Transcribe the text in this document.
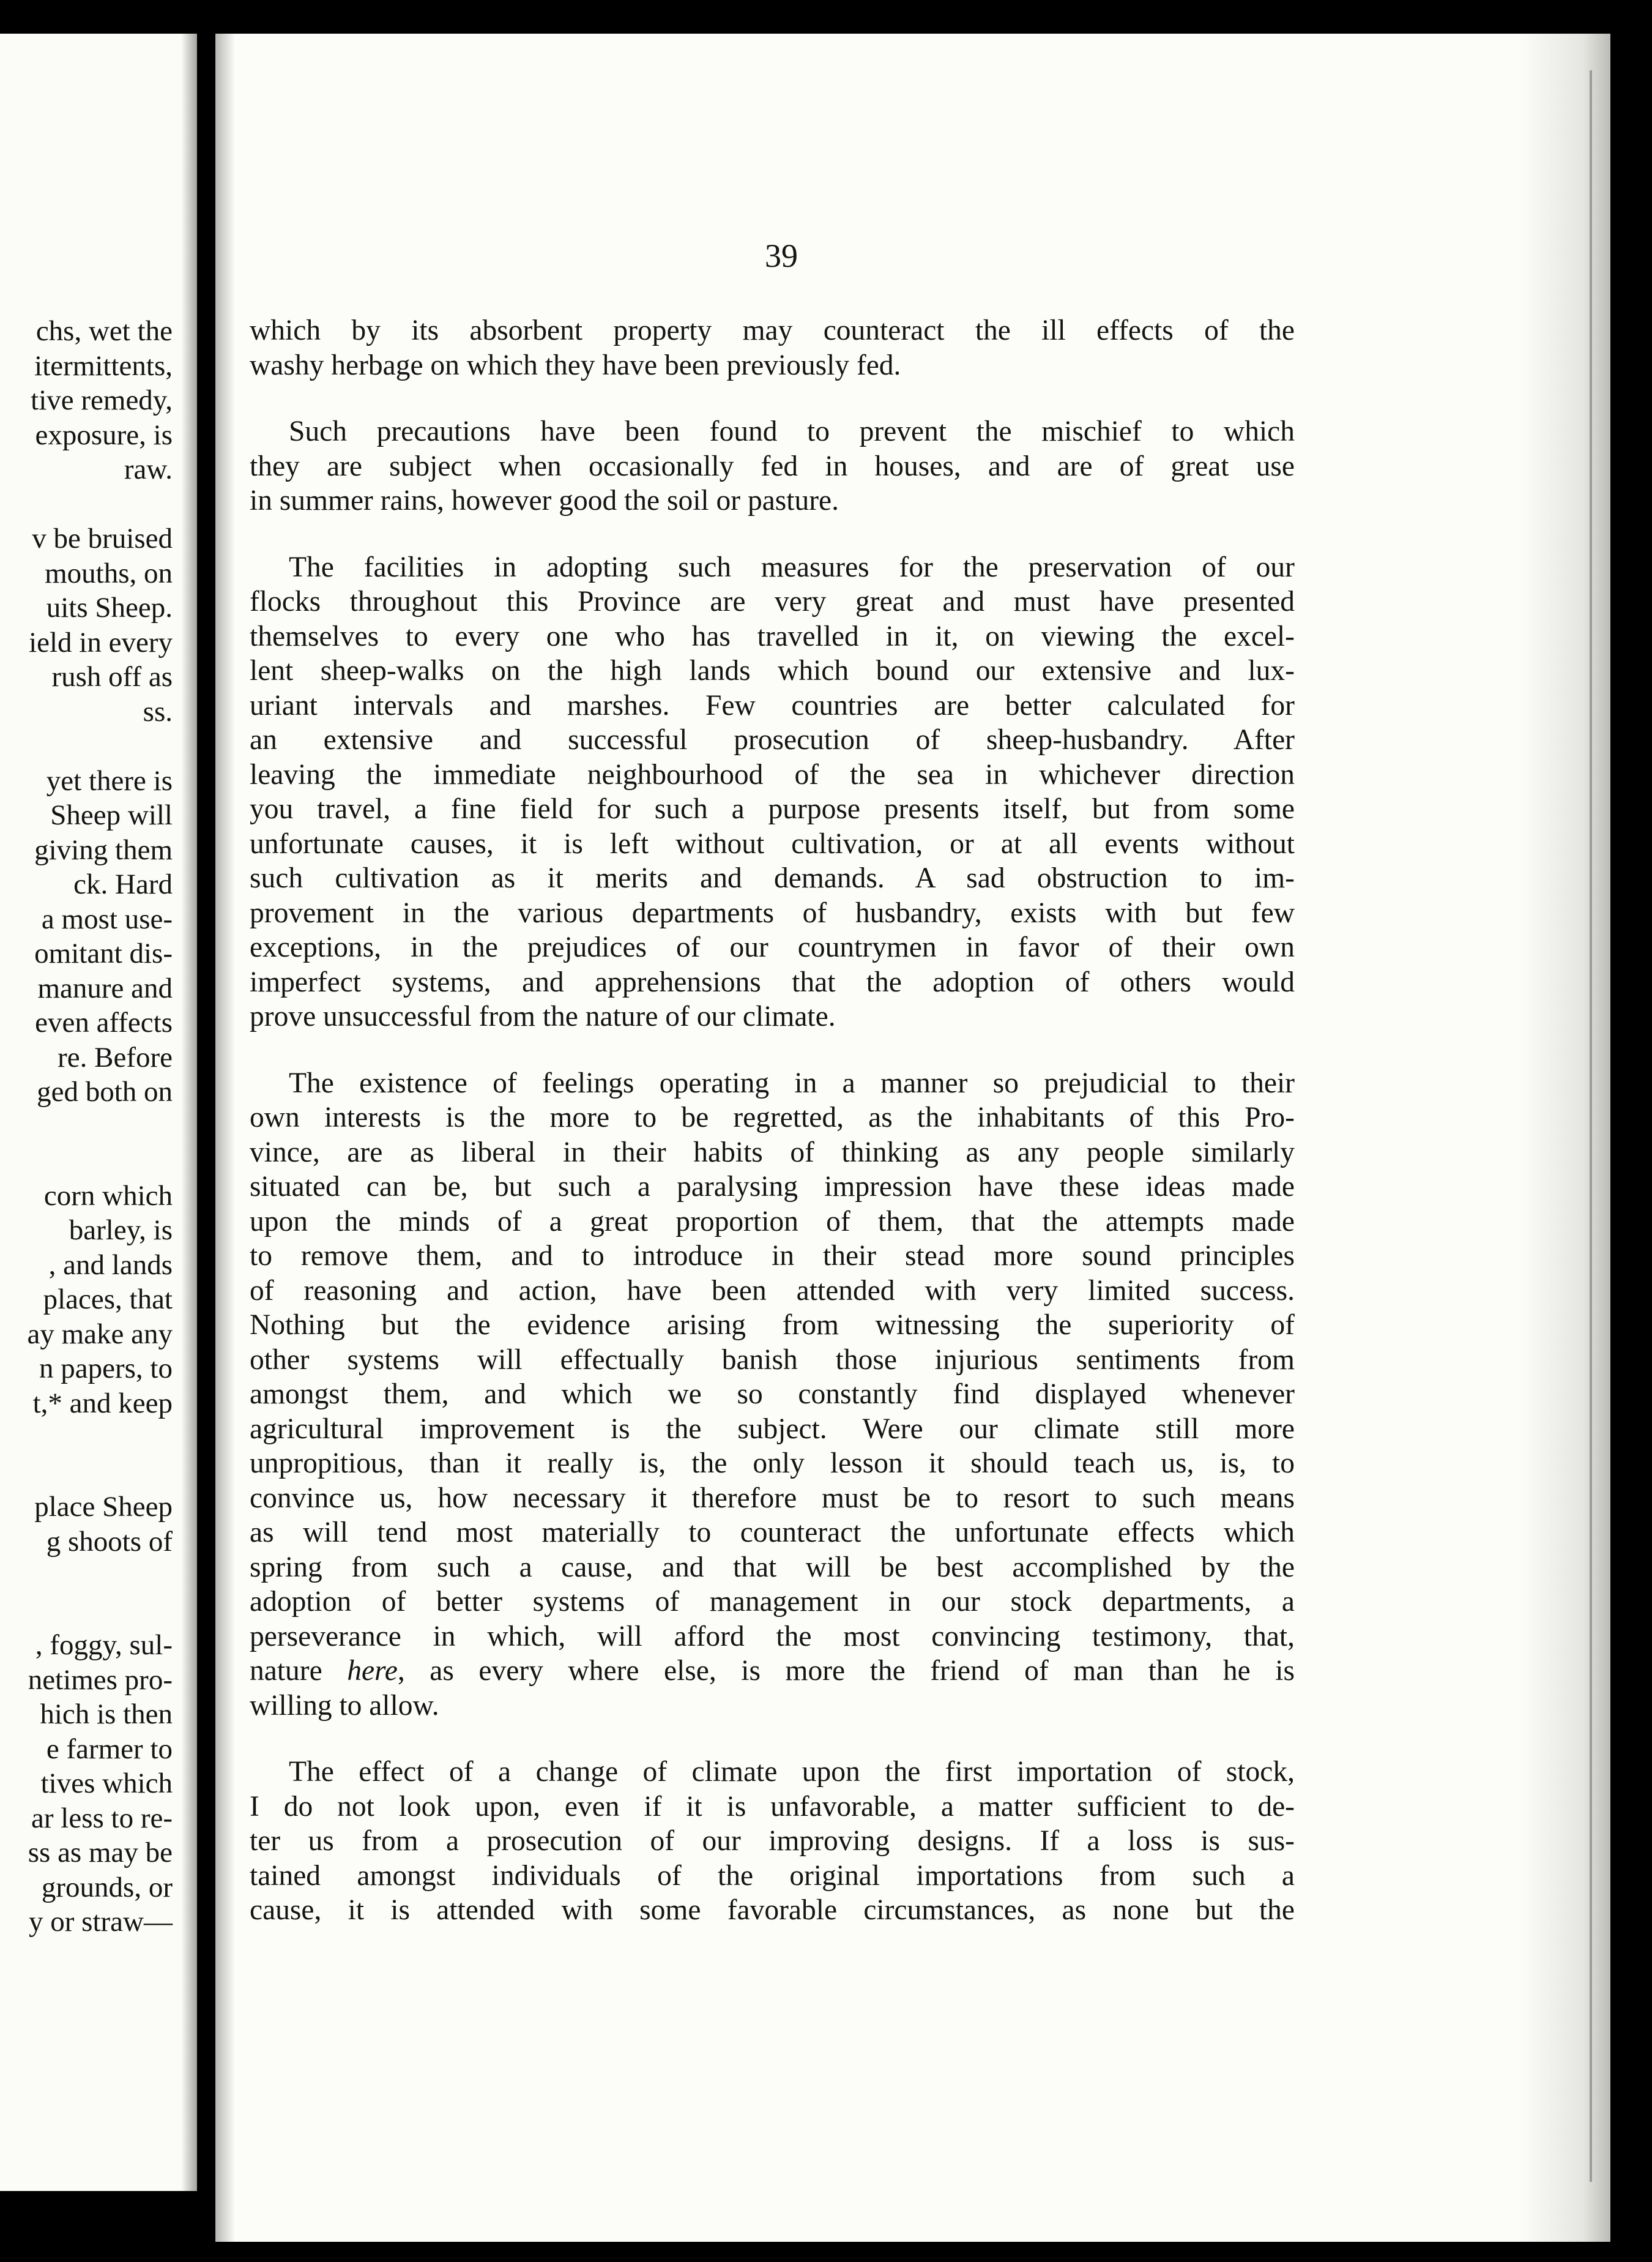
chs, wet the
itermittents,
tive remedy,
exposure, is
raw.
v be bruised
mouths, on
uits Sheep.
ield in every
rush off as
ss.
yet there is
Sheep will
giving them
ck. Hard
a most use-
omitant dis-
manure and
even affects
re. Before
ged both on
corn which
barley, is
, and lands
places, that
ay make any
n papers, to
t,* and keep
place Sheep
g shoots of
, foggy, sul-
netimes pro-
hich is then
e farmer to
tives which
ar less to re-
ss as may be
grounds, or
y or straw—
39

which by its absorbent property may counteract the ill effects of the
washy herbage on which they have been previously fed.

Such precautions have been found to prevent the mischief to which
they are subject when occasionally fed in houses, and are of great use
in summer rains, however good the soil or pasture.

The facilities in adopting such measures for the preservation of our
flocks throughout this Province are very great and must have presented
themselves to every one who has travelled in it, on viewing the excel-
lent sheep-walks on the high lands which bound our extensive and lux-
uriant intervals and marshes. Few countries are better calculated for
an extensive and successful prosecution of sheep-husbandry. After
leaving the immediate neighbourhood of the sea in whichever direction
you travel, a fine field for such a purpose presents itself, but from some
unfortunate causes, it is left without cultivation, or at all events without
such cultivation as it merits and demands. A sad obstruction to im-
provement in the various departments of husbandry, exists with but few
exceptions, in the prejudices of our countrymen in favor of their own
imperfect systems, and apprehensions that the adoption of others would
prove unsuccessful from the nature of our climate.

The existence of feelings operating in a manner so prejudicial to their
own interests is the more to be regretted, as the inhabitants of this Pro-
vince, are as liberal in their habits of thinking as any people similarly
situated can be, but such a paralysing impression have these ideas made
upon the minds of a great proportion of them, that the attempts made
to remove them, and to introduce in their stead more sound principles
of reasoning and action, have been attended with very limited success.
Nothing but the evidence arising from witnessing the superiority of
other systems will effectually banish those injurious sentiments from
amongst them, and which we so constantly find displayed whenever
agricultural improvement is the subject. Were our climate still more
unpropitious, than it really is, the only lesson it should teach us, is, to
convince us, how necessary it therefore must be to resort to such means
as will tend most materially to counteract the unfortunate effects which
spring from such a cause, and that will be best accomplished by the
adoption of better systems of management in our stock departments, a
perseverance in which, will afford the most convincing testimony, that,
nature here, as every where else, is more the friend of man than he is
willing to allow.

The effect of a change of climate upon the first importation of stock,
I do not look upon, even if it is unfavorable, a matter sufficient to de-
ter us from a prosecution of our improving designs. If a loss is sus-
tained amongst individuals of the original importations from such a
cause, it is attended with some favorable circumstances, as none but the
